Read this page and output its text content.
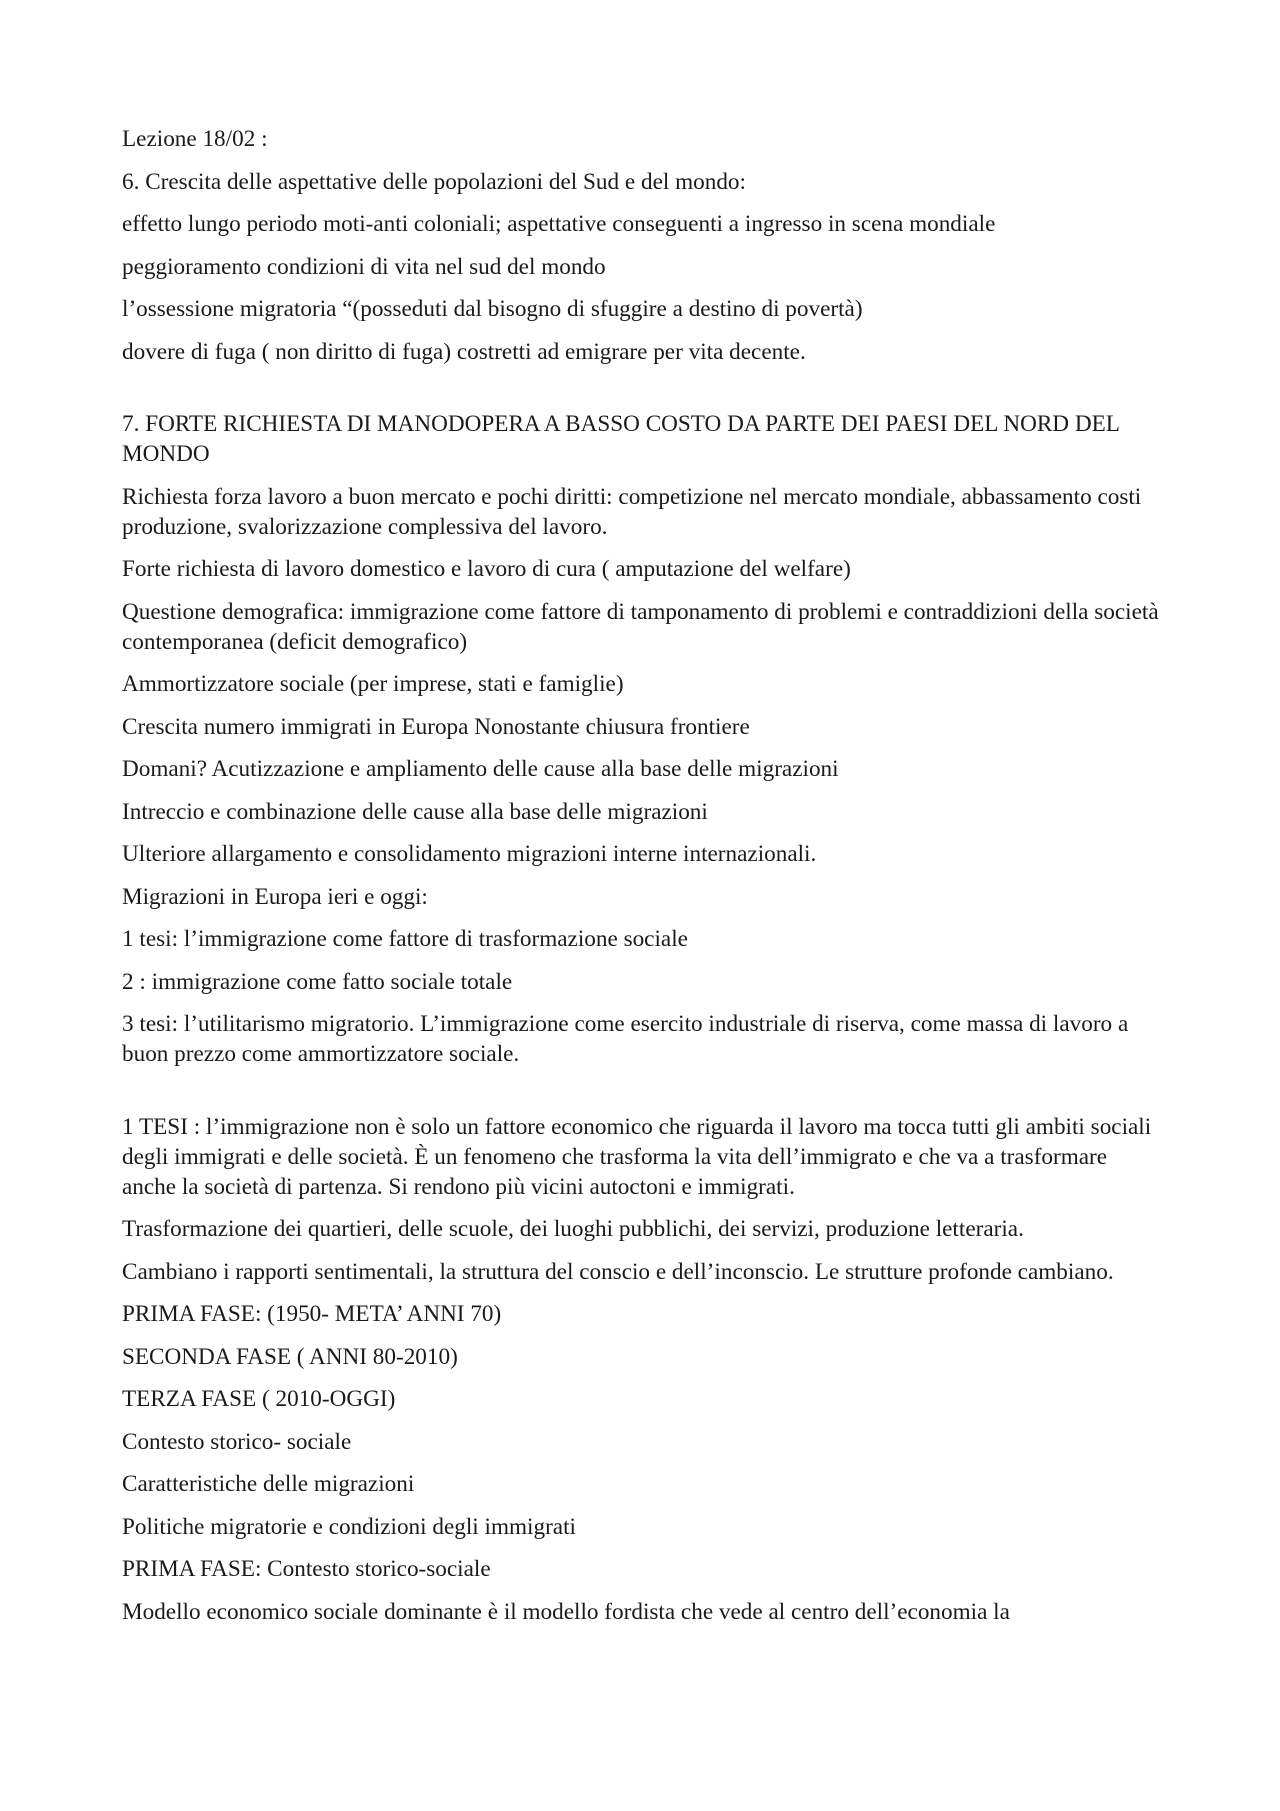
Lezione 18/02 :

6. Crescita delle aspettative delle popolazioni del Sud e del mondo:

effetto lungo periodo moti-anti coloniali; aspettative conseguenti a ingresso in scena mondiale

peggioramento condizioni di vita nel sud del mondo

l’ossessione migratoria “(posseduti dal bisogno di sfuggire a destino di povertà)

dovere di fuga ( non diritto di fuga) costretti ad emigrare per vita decente.

7. FORTE RICHIESTA DI MANODOPERA A BASSO COSTO DA PARTE DEI PAESI DEL NORD DEL MONDO

Richiesta forza lavoro a buon mercato e pochi diritti: competizione nel mercato mondiale, abbassamento costi produzione, svalorizzazione complessiva del lavoro.

Forte richiesta di lavoro domestico e lavoro di cura ( amputazione del welfare)

Questione demografica: immigrazione come fattore di tamponamento di problemi e contraddizioni della società contemporanea (deficit demografico)

Ammortizzatore sociale (per imprese, stati e famiglie)

Crescita numero immigrati in Europa Nonostante chiusura frontiere

Domani? Acutizzazione e ampliamento delle cause alla base delle migrazioni

Intreccio e combinazione delle cause alla base delle migrazioni

Ulteriore allargamento e consolidamento migrazioni interne internazionali.

Migrazioni in Europa ieri e oggi:

1 tesi: l’immigrazione come fattore di trasformazione sociale

2 : immigrazione come fatto sociale totale

3 tesi: l’utilitarismo migratorio. L’immigrazione come esercito industriale di riserva, come massa di lavoro a buon prezzo come ammortizzatore sociale.

1 TESI : l’immigrazione non è solo un fattore economico che riguarda il lavoro ma tocca tutti gli ambiti sociali degli immigrati e delle società. È un fenomeno che trasforma la vita dell’immigrato e che va a trasformare anche la società di partenza. Si rendono più vicini autoctoni e immigrati.

Trasformazione dei quartieri, delle scuole, dei luoghi pubblichi, dei servizi, produzione letteraria.

Cambiano i rapporti sentimentali, la struttura del conscio e dell’inconscio. Le strutture profonde cambiano.

PRIMA FASE: (1950- META’ ANNI 70)

SECONDA FASE ( ANNI 80-2010)

TERZA FASE ( 2010-OGGI)

Contesto storico- sociale

Caratteristiche delle migrazioni

Politiche migratorie e condizioni degli immigrati

PRIMA FASE: Contesto storico-sociale

Modello economico sociale dominante è il modello fordista che vede al centro dell’economia la
